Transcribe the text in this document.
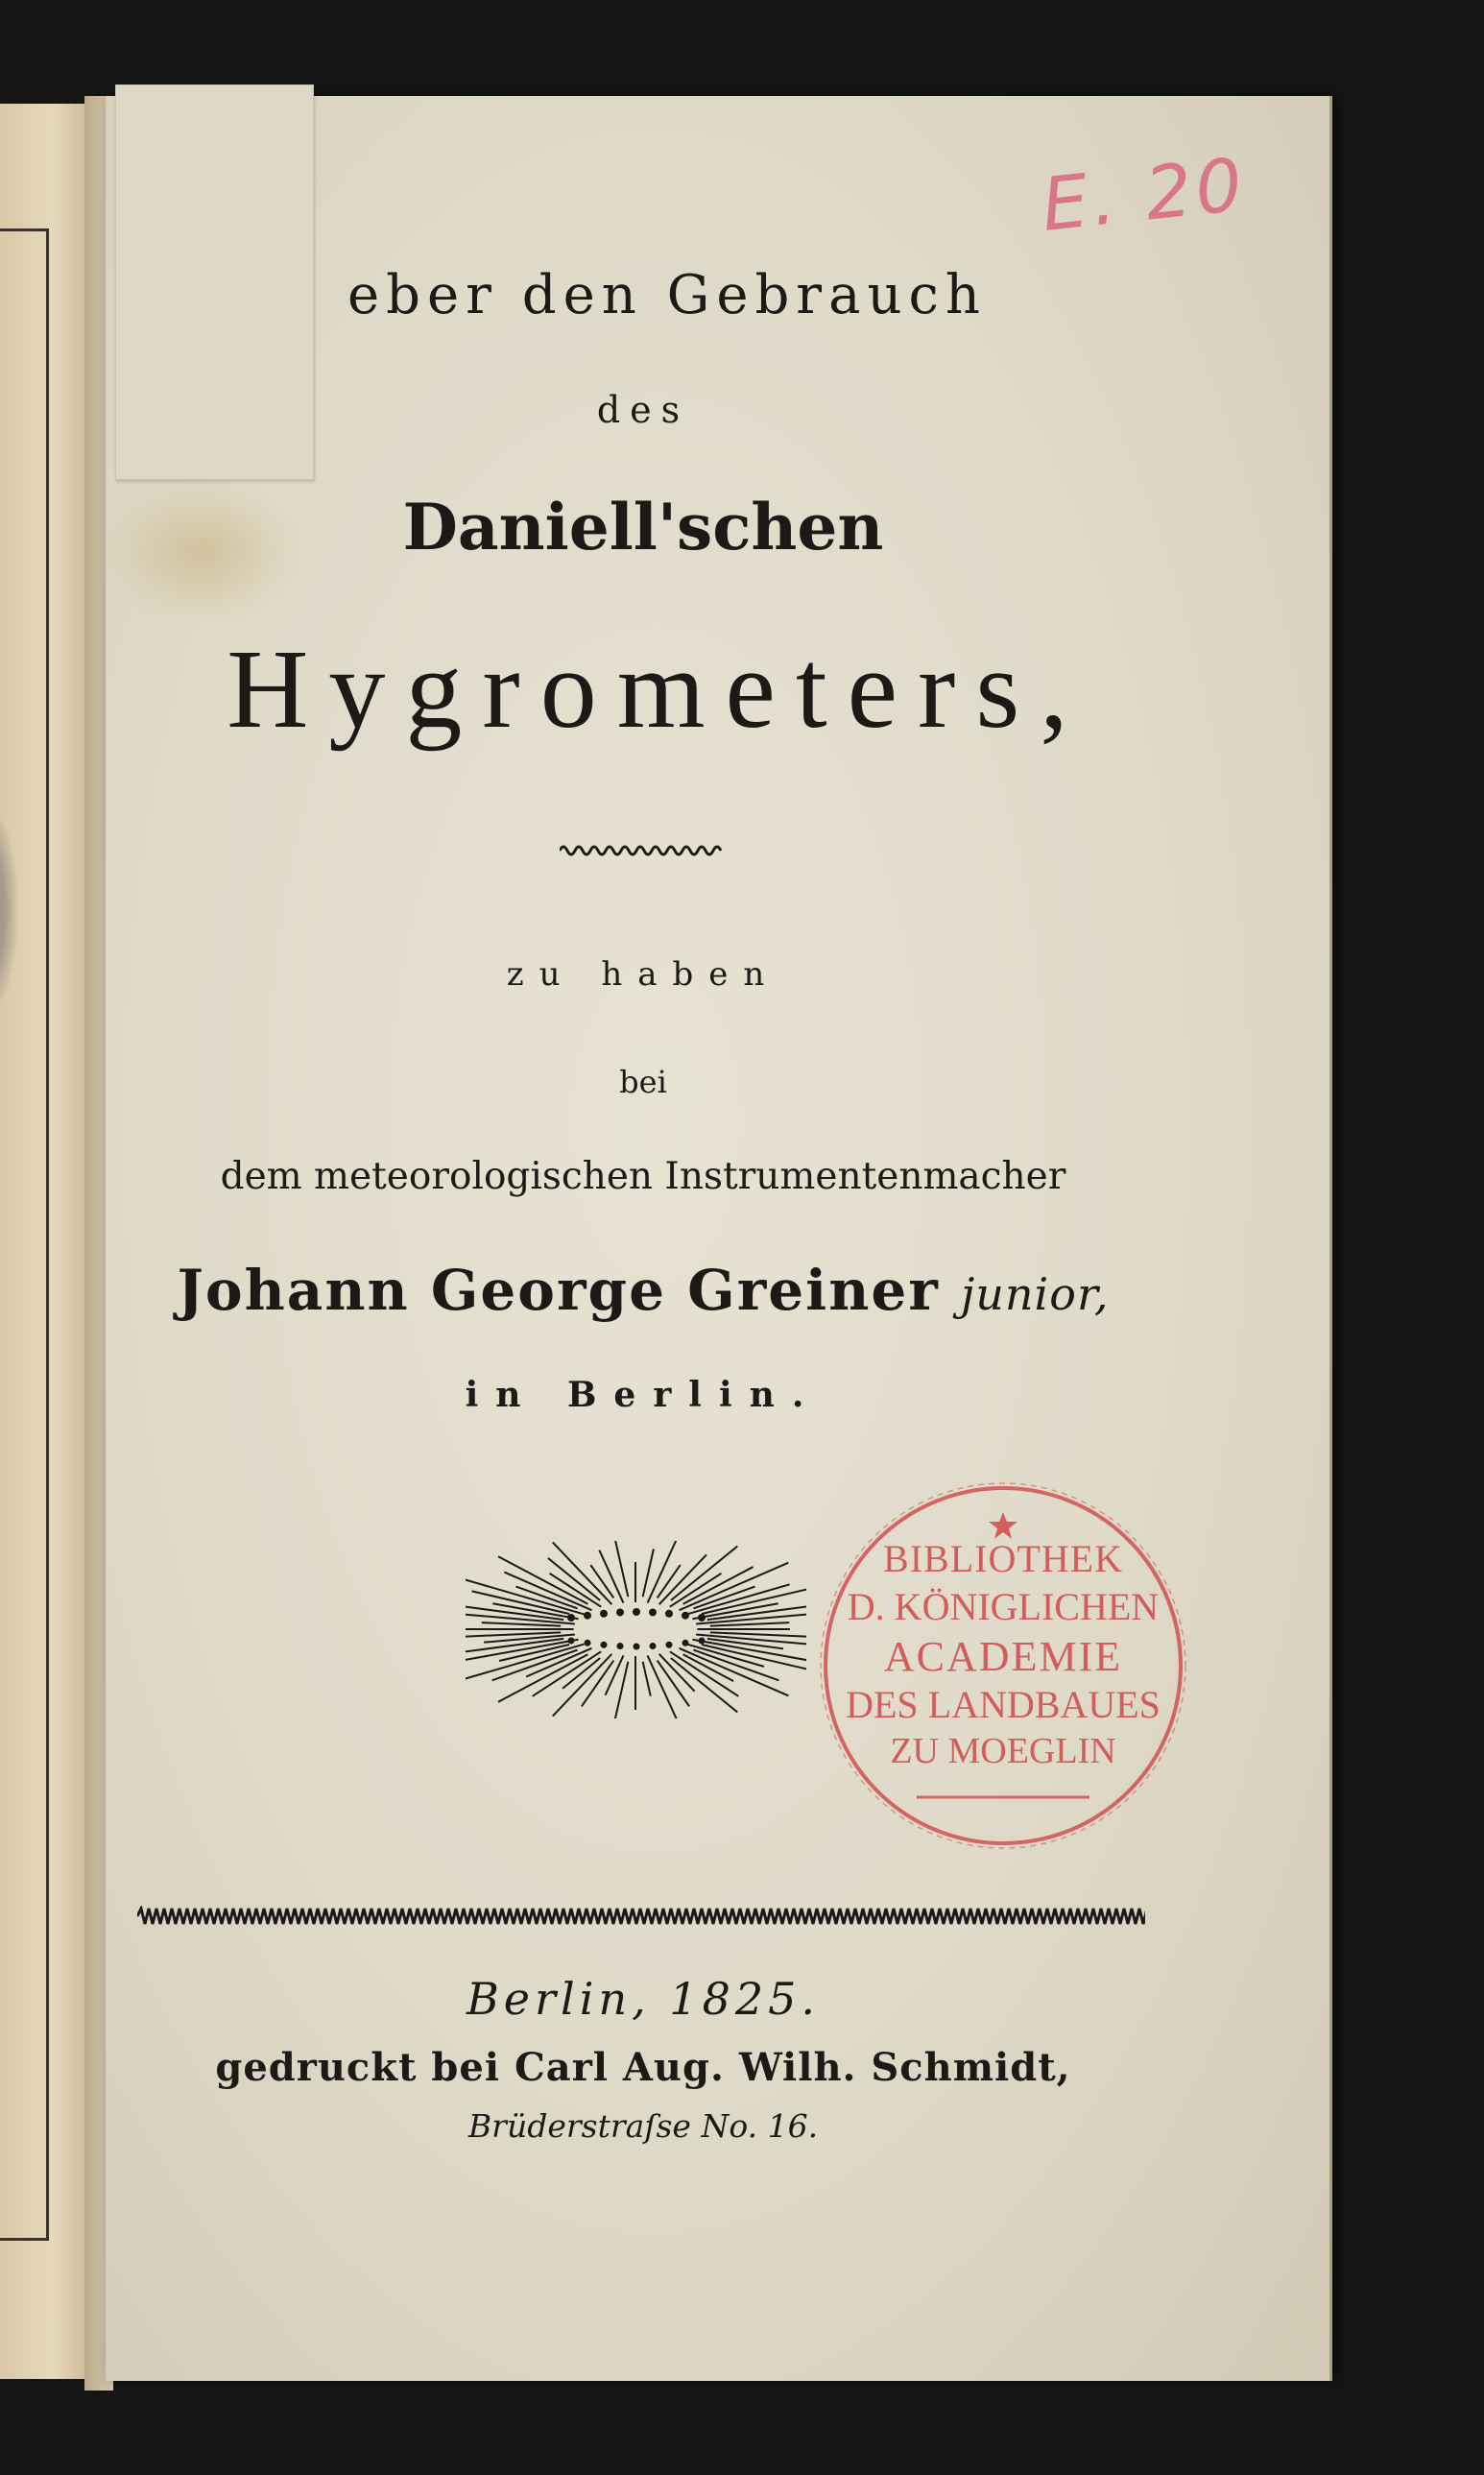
E. 20
eber den Gebrauch
des
Daniell'schen
Hygrometers,
zu haben
bei
dem meteorologischen Instrumentenmacher
Johann George Greiner junior,
in Berlin.
BIBLIOTHEK
D. KÖNIGLICHEN
ACADEMIE
DES LANDBAUES
ZU MOEGLIN
Berlin, 1825.
gedruckt bei Carl Aug. Wilh. Schmidt,
Brüderstraſse No. 16.
